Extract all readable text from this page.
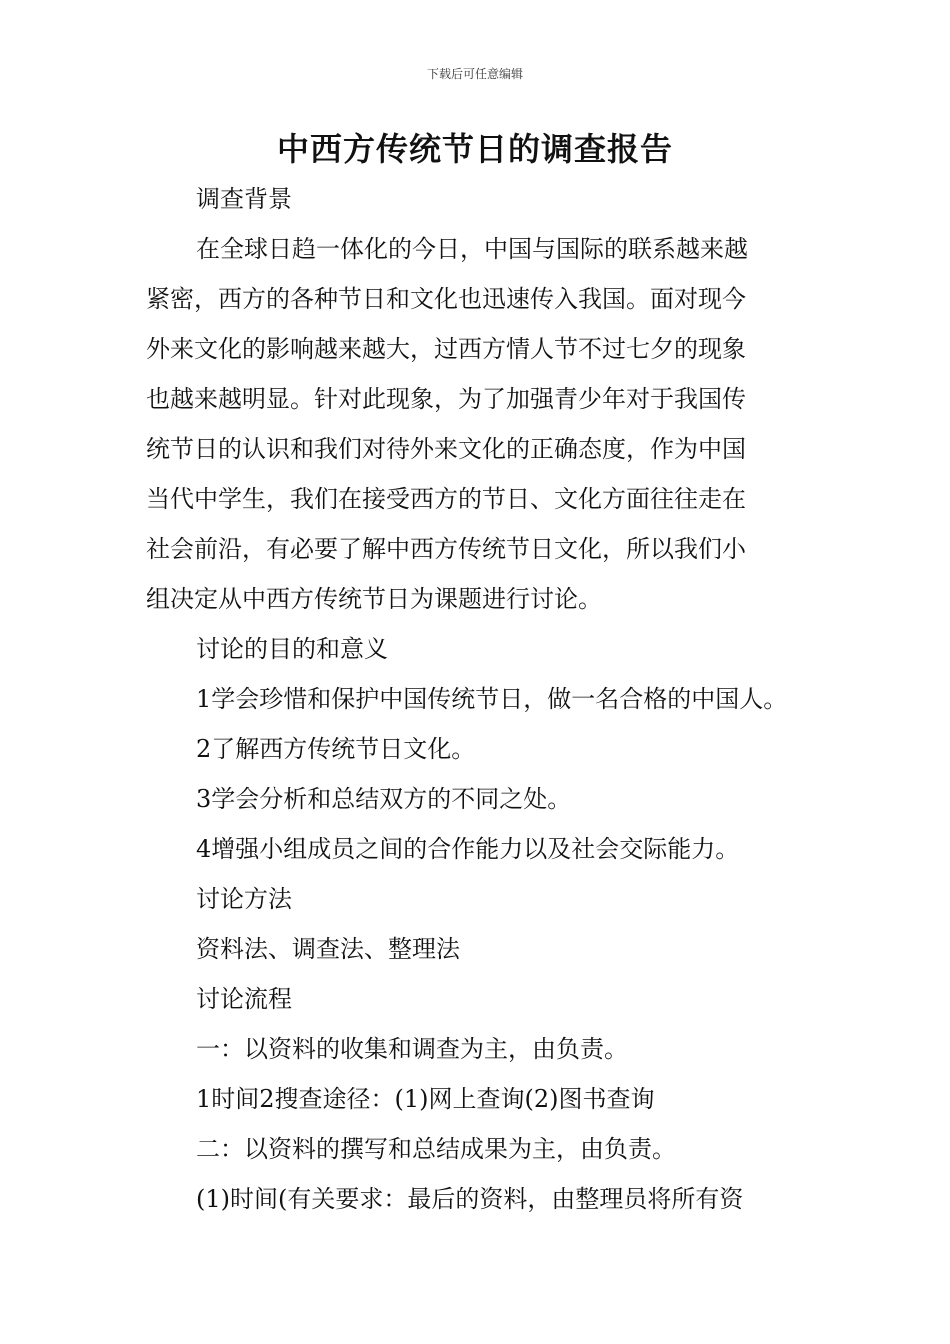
下载后可任意编辑
中西方传统节日的调查报告
调查背景
在全球日趋一体化的今日，中国与国际的联系越来越
紧密，西方的各种节日和文化也迅速传入我国。面对现今
外来文化的影响越来越大，过西方情人节不过七夕的现象
也越来越明显。针对此现象，为了加强青少年对于我国传
统节日的认识和我们对待外来文化的正确态度，作为中国
当代中学生，我们在接受西方的节日、文化方面往往走在
社会前沿，有必要了解中西方传统节日文化，所以我们小
组决定从中西方传统节日为课题进行讨论。
讨论的目的和意义
1学会珍惜和保护中国传统节日，做一名合格的中国人。
2了解西方传统节日文化。
3学会分析和总结双方的不同之处。
4增强小组成员之间的合作能力以及社会交际能力。
讨论方法
资料法、调查法、整理法
讨论流程
一：以资料的收集和调查为主，由负责。
1时间2搜查途径：(1)网上查询(2)图书查询
二：以资料的撰写和总结成果为主，由负责。
(1)时间(有关要求：最后的资料，由整理员将所有资
